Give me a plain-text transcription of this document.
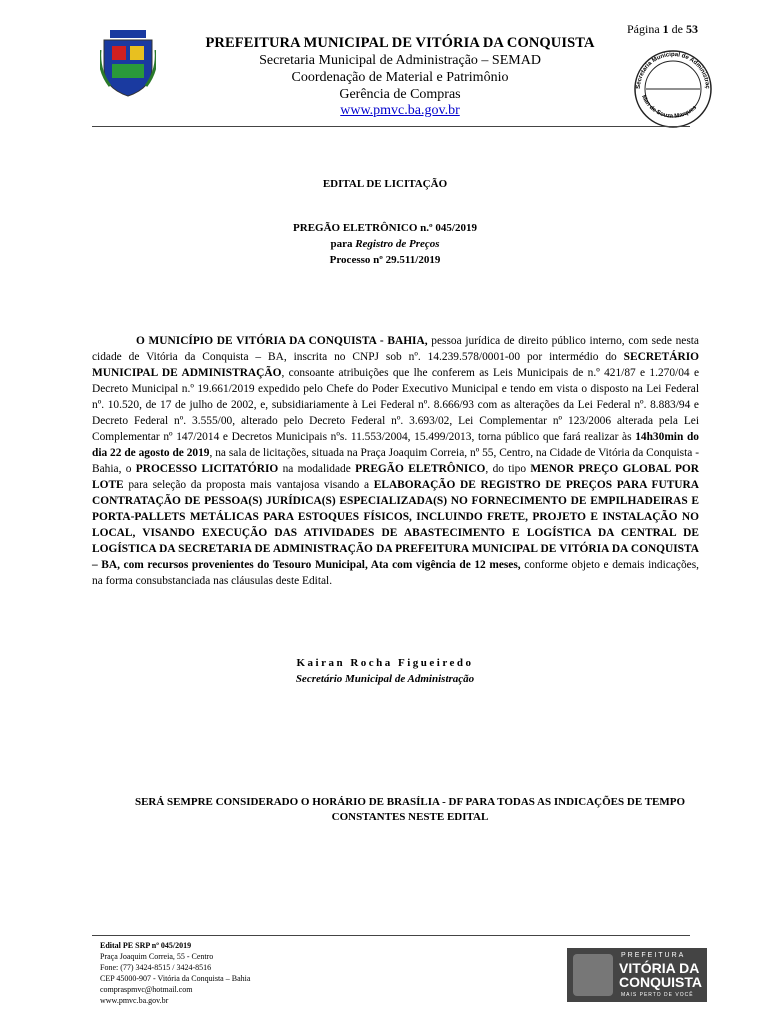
Página 1 de 53
PREFEITURA MUNICIPAL DE VITÓRIA DA CONQUISTA
Secretaria Municipal de Administração – SEMAD
Coordenação de Material e Patrimônio
Gerência de Compras
www.pmvc.ba.gov.br
Secretaria Municipal de Administraç
Man de Souza Marques
EDITAL DE LICITAÇÃO
PREGÃO ELETRÔNICO n.º 045/2019
para Registro de Preços
Processo nº 29.511/2019
O MUNICÍPIO DE VITÓRIA DA CONQUISTA - BAHIA, pessoa jurídica de direito público interno, com sede nesta cidade de Vitória da Conquista – BA, inscrita no CNPJ sob nº. 14.239.578/0001-00 por intermédio do SECRETÁRIO MUNICIPAL DE ADMINISTRAÇÃO, consoante atribuições que lhe conferem as Leis Municipais de n.º 421/87 e 1.270/04 e Decreto Municipal n.º 19.661/2019 expedido pelo Chefe do Poder Executivo Municipal e tendo em vista o disposto na Lei Federal nº. 10.520, de 17 de julho de 2002, e, subsidiariamente à Lei Federal nº. 8.666/93 com as alterações da Lei Federal nº. 8.883/94 e Decreto Federal nº. 3.555/00, alterado pelo Decreto Federal nº. 3.693/02, Lei Complementar nº 123/2006 alterada pela Lei Complementar nº 147/2014 e Decretos Municipais nºs. 11.553/2004, 15.499/2013, torna público que fará realizar às 14h30min do dia 22 de agosto de 2019, na sala de licitações, situada na Praça Joaquim Correia, nº 55, Centro, na Cidade de Vitória da Conquista - Bahia, o PROCESSO LICITATÓRIO na modalidade PREGÃO ELETRÔNICO, do tipo MENOR PREÇO GLOBAL POR LOTE para seleção da proposta mais vantajosa visando a ELABORAÇÃO DE REGISTRO DE PREÇOS PARA FUTURA CONTRATAÇÃO DE PESSOA(S) JURÍDICA(S) ESPECIALIZADA(S) NO FORNECIMENTO DE EMPILHADEIRAS E PORTA-PALLETS METÁLICAS PARA ESTOQUES FÍSICOS, INCLUINDO FRETE, PROJETO E INSTALAÇÃO NO LOCAL, VISANDO EXECUÇÃO DAS ATIVIDADES DE ABASTECIMENTO E LOGÍSTICA DA CENTRAL DE LOGÍSTICA DA SECRETARIA DE ADMINISTRAÇÃO DA PREFEITURA MUNICIPAL DE VITÓRIA DA CONQUISTA – BA, com recursos provenientes do Tesouro Municipal, Ata com vigência de 12 meses, conforme objeto e demais indicações, na forma consubstanciada nas cláusulas deste Edital.
Kairan Rocha Figueiredo
Secretário Municipal de Administração
SERÁ SEMPRE CONSIDERADO O HORÁRIO DE BRASÍLIA - DF PARA TODAS AS INDICAÇÕES DE TEMPO CONSTANTES NESTE EDITAL
Edital PE SRP nº 045/2019
Praça Joaquim Correia, 55 - Centro
Fone: (77) 3424-8515 / 3424-8516
CEP 45000-907 - Vitória da Conquista – Bahia
compraspmvc@hotmail.com
www.pmvc.ba.gov.br
PREFEITURA
VITÓRIA DA
CONQUISTA
MAIS PERTO DE VOCÊ
